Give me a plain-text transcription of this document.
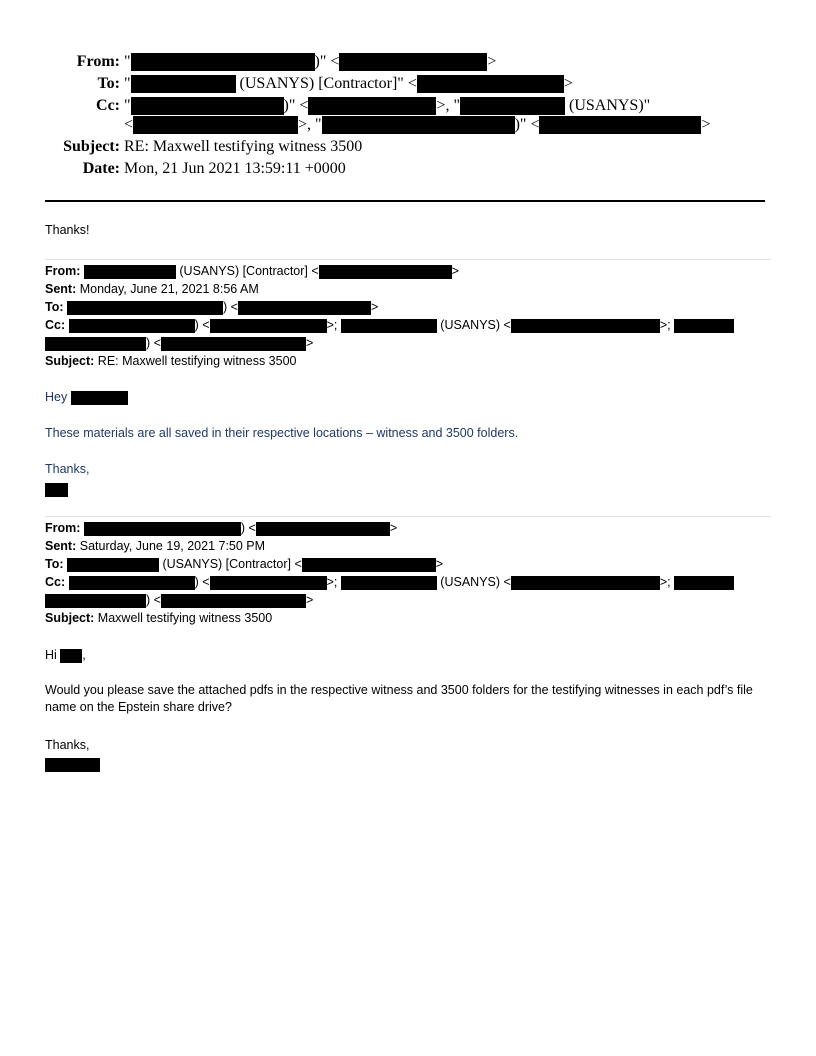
From: "	)" <	>
To: "	(USANYS) [Contractor]" <	>
Cc: "	)" <	>, "	(USANYS)"
<	>, "	)" <	>
Subject: RE: Maxwell testifying witness 3500
Date: Mon, 21 Jun 2021 13:59:11 +0000
Thanks!
From:	(USANYS) [Contractor] <	>
Sent: Monday, June 21, 2021 8:56 AM
To:	) <	>
Cc:	) <	>;	(USANYS) <	>;
) <	>
Subject: RE: Maxwell testifying witness 3500
Hey
These materials are all saved in their respective locations – witness and 3500 folders.
Thanks,
From:	) <	>
Sent: Saturday, June 19, 2021 7:50 PM
To:	(USANYS) [Contractor] <	>
Cc:	) <	>;	(USANYS) <	>;
) <	>
Subject: Maxwell testifying witness 3500
Hi ,
Would you please save the attached pdfs in the respective witness and 3500 folders for the testifying witnesses in each pdf’s file name on the Epstein share drive?
Thanks,
